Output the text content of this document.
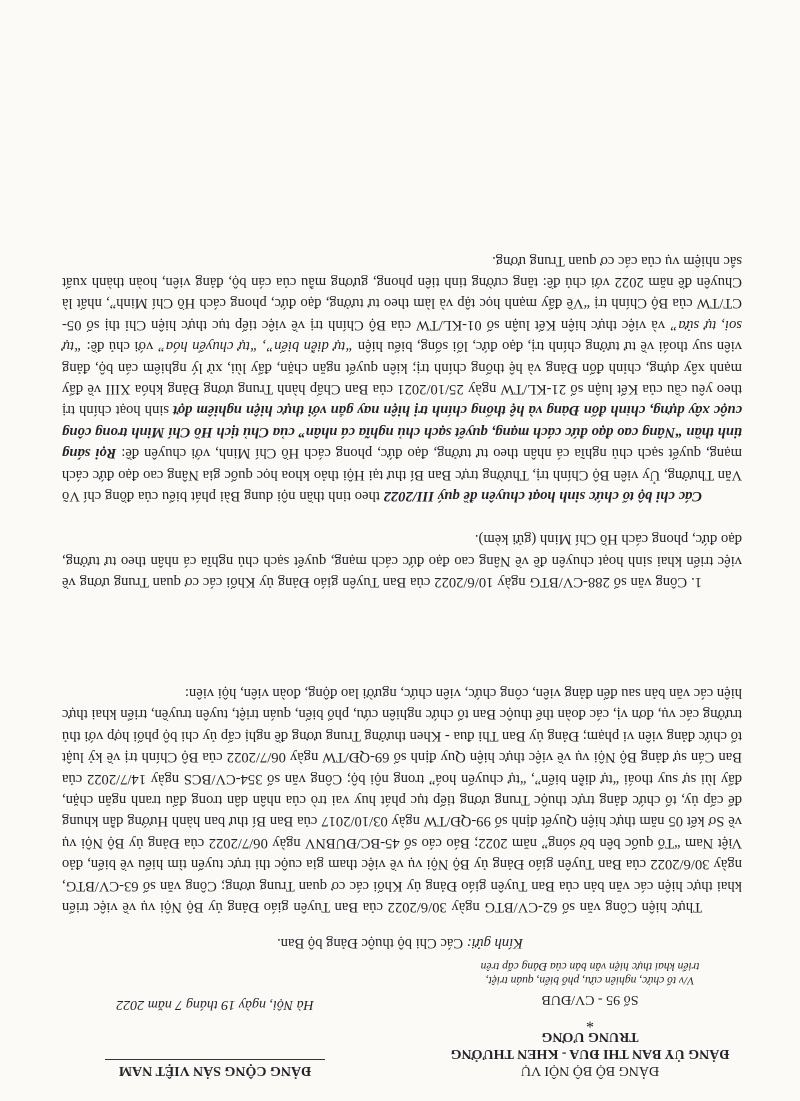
ĐẢNG BỘ BỘ NỘI VỤ
ĐẢNG ỦY BAN THI ĐUA - KHEN THƯỞNG
TRUNG ƯƠNG
*
Số 95 - CV/ĐUB
V/v tổ chức, nghiên cứu, phổ biến, quán triệt,
triển khai thực hiện văn bản của Đảng cấp trên
ĐẢNG CỘNG SẢN VIỆT NAM
Hà Nội, ngày 19 tháng 7 năm 2022
Kính gửi: Các Chi bộ thuộc Đảng bộ Ban.
Thực hiện Công văn số 62-CV/BTG ngày 30/6/2022 của Ban Tuyên giáo Đảng ủy Bộ Nội vụ về việc triển khai thực hiện các văn bản của Ban Tuyên giáo Đảng ủy Khối các cơ quan Trung ương; Công văn số 63-CV/BTG, ngày 30/6/2022 của Ban Tuyên giáo Đảng ủy Bộ Nội vụ về việc tham gia cuộc thi trực tuyến tìm hiểu về biển, đảo Việt Nam “Tổ quốc bên bờ sóng” năm 2022; Báo cáo số 45-BC/ĐUBNV ngày 06/7/2022 của Đảng ủy Bộ Nội vụ về Sơ kết 05 năm thực hiện Quyết định số 99-QĐ/TW ngày 03/10/2017 của Ban Bí thư ban hành Hướng dẫn khung để cấp ủy, tổ chức đảng trực thuộc Trung ương tiếp tục phát huy vai trò của nhân dân trong đấu tranh ngăn chặn, đẩy lùi sự suy thoái “tự diễn biến”, “tự chuyển hoá” trong nội bộ; Công văn số 354-CV/BCS ngày 14/7/2022 của Ban Cán sự đảng Bộ Nội vụ về việc thực hiện Quy định số 69-QĐ/TW ngày 06/7/2022 của Bộ Chính trị về kỷ luật tổ chức đảng viên vi phạm; Đảng ủy Ban Thi đua - Khen thưởng Trung ương đề nghị cấp ủy chi bộ phối hợp với thủ trưởng các vụ, đơn vị, các đoàn thể thuộc Ban tổ chức nghiên cứu, phổ biến, quán triệt, tuyên truyền, triển khai thực hiện các văn bản sau đến đảng viên, công chức, viên chức, người lao động, đoàn viên, hội viên:
1. Công văn số 288-CV/BTG ngày 10/6/2022 của Ban Tuyên giáo Đảng ủy Khối các cơ quan Trung ương về việc triển khai sinh hoạt chuyên đề về Nâng cao đạo đức cách mạng, quyết sạch chủ nghĩa cá nhân theo tư tưởng, đạo đức, phong cách Hồ Chí Minh (gửi kèm).
Các chi bộ tổ chức sinh hoạt chuyên đề quý III/2022 theo tinh thần nội dung Bài phát biểu của đồng chí Võ Văn Thưởng, Ủy viên Bộ Chính trị, Thường trực Ban Bí thư tại Hội thảo khoa học quốc gia Nâng cao đạo đức cách mạng, quyết sạch chủ nghĩa cá nhân theo tư tưởng, đạo đức, phong cách Hồ Chí Minh, với chuyên đề: Rọi sáng tinh thần “Nâng cao đạo đức cách mạng, quyết sạch chủ nghĩa cá nhân” của Chủ tịch Hồ Chí Minh trong công cuộc xây dựng, chỉnh đốn Đảng và hệ thống chính trị hiện nay gắn với thực hiện nghiêm đợt sinh hoạt chính trị theo yêu cầu của Kết luận số 21-KL/TW ngày 25/10/2021 của Ban Chấp hành Trung ương Đảng khóa XIII về đẩy mạnh xây dựng, chỉnh đốn Đảng và hệ thống chính trị; kiên quyết ngăn chặn, đẩy lùi, xử lý nghiêm cán bộ, đảng viên suy thoái về tư tưởng chính trị, đạo đức, lối sống, biểu hiện “tự diễn biến”, “tự chuyển hóa” với chủ đề: “tự soi, tự sửa” và việc thực hiện Kết luận số 01-KL/TW của Bộ Chính trị về việc tiếp tục thực hiện Chỉ thị số 05-CT/TW của Bộ Chính trị “Về đẩy mạnh học tập và làm theo tư tưởng, đạo đức, phong cách Hồ Chí Minh”, nhất là Chuyên đề năm 2022 với chủ đề: tăng cường tinh tiên phong, gương mẫu của cán bộ, đảng viên, hoàn thành xuất sắc nhiệm vụ của các cơ quan Trung ương.
